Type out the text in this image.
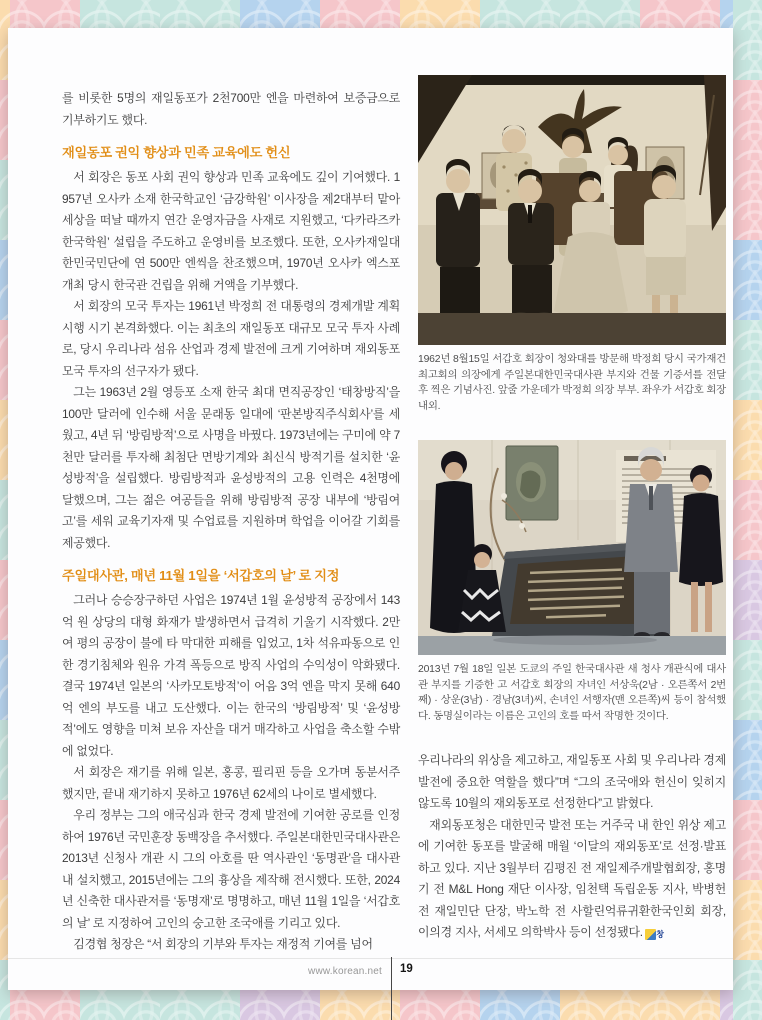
를 비롯한 5명의 재일동포가 2천700만 엔을 마련하여 보증금으로 기부하기도 했다.

재일동포 권익 향상과 민족 교육에도 헌신

서 회장은 동포 사회 권익 향상과 민족 교육에도 깊이 기여했다. 1957년 오사카 소재 한국학교인 ‘금강학원’ 이사장을 제2대부터 맡아 세상을 떠날 때까지 연간 운영자금을 사재로 지원했고, ‘다카라즈카한국학원’ 설립을 주도하고 운영비를 보조했다. 또한, 오사카재일대한민국민단에 연 500만 엔씩을 찬조했으며, 1970년 오사카 엑스포 개최 당시 한국관 건립을 위해 거액을 기부했다.

서 회장의 모국 투자는 1961년 박정희 전 대통령의 경제개발 계획 시행 시기 본격화했다. 이는 최초의 재일동포 대규모 모국 투자 사례로, 당시 우리나라 섬유 산업과 경제 발전에 크게 기여하며 재외동포 모국 투자의 선구자가 됐다.

그는 1963년 2월 영등포 소재 한국 최대 면직공장인 ‘태창방직’을 100만 달러에 인수해 서울 문래동 일대에 ‘판본방직주식회사’를 세웠고, 4년 뒤 ‘방림방적’으로 사명을 바꿨다. 1973년에는 구미에 약 7천만 달러를 투자해 최첨단 면방기계와 최신식 방적기를 설치한 ‘윤성방적’을 설립했다. 방림방적과 윤성방적의 고용 인력은 4천명에 달했으며, 그는 젊은 여공들을 위해 방림방적 공장 내부에 ‘방림여고’를 세워 교육기자재 및 수업료를 지원하며 학업을 이어갈 기회를 제공했다.

주일대사관, 매년 11월 1일을 ‘서갑호의 날’ 로 지정

그러나 승승장구하던 사업은 1974년 1월 윤성방적 공장에서 143억 원 상당의 대형 화재가 발생하면서 급격히 기울기 시작했다. 2만여 평의 공장이 불에 타 막대한 피해를 입었고, 1차 석유파동으로 인한 경기침체와 원유 가격 폭등으로 방직 사업의 수익성이 악화됐다. 결국 1974년 일본의 ‘사카모토방적’이 어음 3억 엔을 막지 못해 640억 엔의 부도를 내고 도산했다. 이는 한국의 ‘방림방적’ 및 ‘윤성방적’에도 영향을 미쳐 보유 자산을 대거 매각하고 사업을 축소할 수밖에 없었다.

서 회장은 재기를 위해 일본, 홍콩, 필리핀 등을 오가며 동분서주했지만, 끝내 재기하지 못하고 1976년 62세의 나이로 별세했다.

우리 정부는 그의 애국심과 한국 경제 발전에 기여한 공로를 인정하여 1976년 국민훈장 동백장을 추서했다. 주일본대한민국대사관은 2013년 신청사 개관 시 그의 아호를 딴 역사관인 ‘동명관’을 대사관 내 설치했고, 2015년에는 그의 흉상을 제작해 전시했다. 또한, 2024년 신축한 대사관저를 ‘동명재’로 명명하고, 매년 11월 1일을 ‘서갑호의 날’ 로 지정하여 고인의 숭고한 조국애를 기리고 있다.

김경협 청장은 “서 회장의 기부와 투자는 재정적 기여를 넘어

1962년 8월15일 서갑호 회장이 청와대를 방문해 박정희 당시 국가재건최고회의 의장에게 주일본대한민국대사관 부지와 건물 기증서를 전달 후 찍은 기념사진. 앞줄 가운데가 박정희 의장 부부. 좌우가 서갑호 회장 내외.

2013년 7월 18일 일본 도쿄의 주일 한국대사관 새 청사 개관식에 대사관 부지를 기증한 고 서갑호 회장의 자녀인 서상욱(2남 · 오른쪽서 2번째) · 상운(3남) · 경남(3녀)씨, 손녀인 서행자(맨 오른쪽)씨 등이 참석했다. 동명실이라는 이름은 고인의 호를 따서 작명한 것이다.

우리나라의 위상을 제고하고, 재일동포 사회 및 우리나라 경제 발전에 중요한 역할을 했다”며 “그의 조국애와 헌신이 잊히지 않도록 10월의 재외동포로 선정한다”고 밝혔다.

재외동포청은 대한민국 발전 또는 거주국 내 한인 위상 제고에 기여한 동포를 발굴해 매월 ‘이달의 재외동포’로 선정·발표하고 있다. 지난 3월부터 김평진 전 재일제주개발협회장, 홍명기 전 M&L Hong 재단 이사장, 임천택 독립운동 지사, 박병헌 전 재일민단 단장, 박노학 전 사할린억류귀환한국인회 회장, 이의경 지사, 서세모 의학박사 등이 선정됐다. 창

www.korean.net 19
